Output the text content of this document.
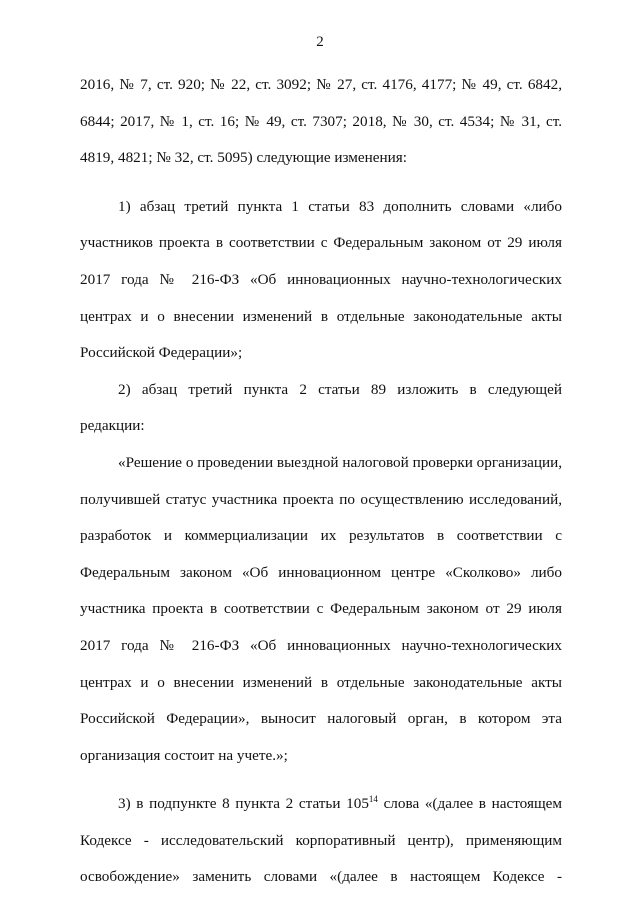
2

2016, № 7, ст. 920; № 22, ст. 3092; № 27, ст. 4176, 4177; № 49, ст. 6842, 6844; 2017, № 1, ст. 16; № 49, ст. 7307; 2018, № 30, ст. 4534; № 31, ст. 4819, 4821; № 32, ст. 5095) следующие изменения:

1) абзац третий пункта 1 статьи 83 дополнить словами «либо участников проекта в соответствии с Федеральным законом от 29 июля 2017 года № 216-ФЗ «Об инновационных научно-технологических центрах и о внесении изменений в отдельные законодательные акты Российской Федерации»;

2) абзац третий пункта 2 статьи 89 изложить в следующей редакции:

«Решение о проведении выездной налоговой проверки организации, получившей статус участника проекта по осуществлению исследований, разработок и коммерциализации их результатов в соответствии с Федеральным законом «Об инновационном центре «Сколково» либо участника проекта в соответствии с Федеральным законом от 29 июля 2017 года № 216-ФЗ «Об инновационных научно-технологических центрах и о внесении изменений в отдельные законодательные акты Российской Федерации», выносит налоговый орган, в котором эта организация состоит на учете.»;

3) в подпункте 8 пункта 2 статьи $105^{14}$ слова «(далее в настоящем Кодексе - исследовательский корпоративный центр), применяющим освобождение» заменить словами «(далее в настоящем Кодексе -
